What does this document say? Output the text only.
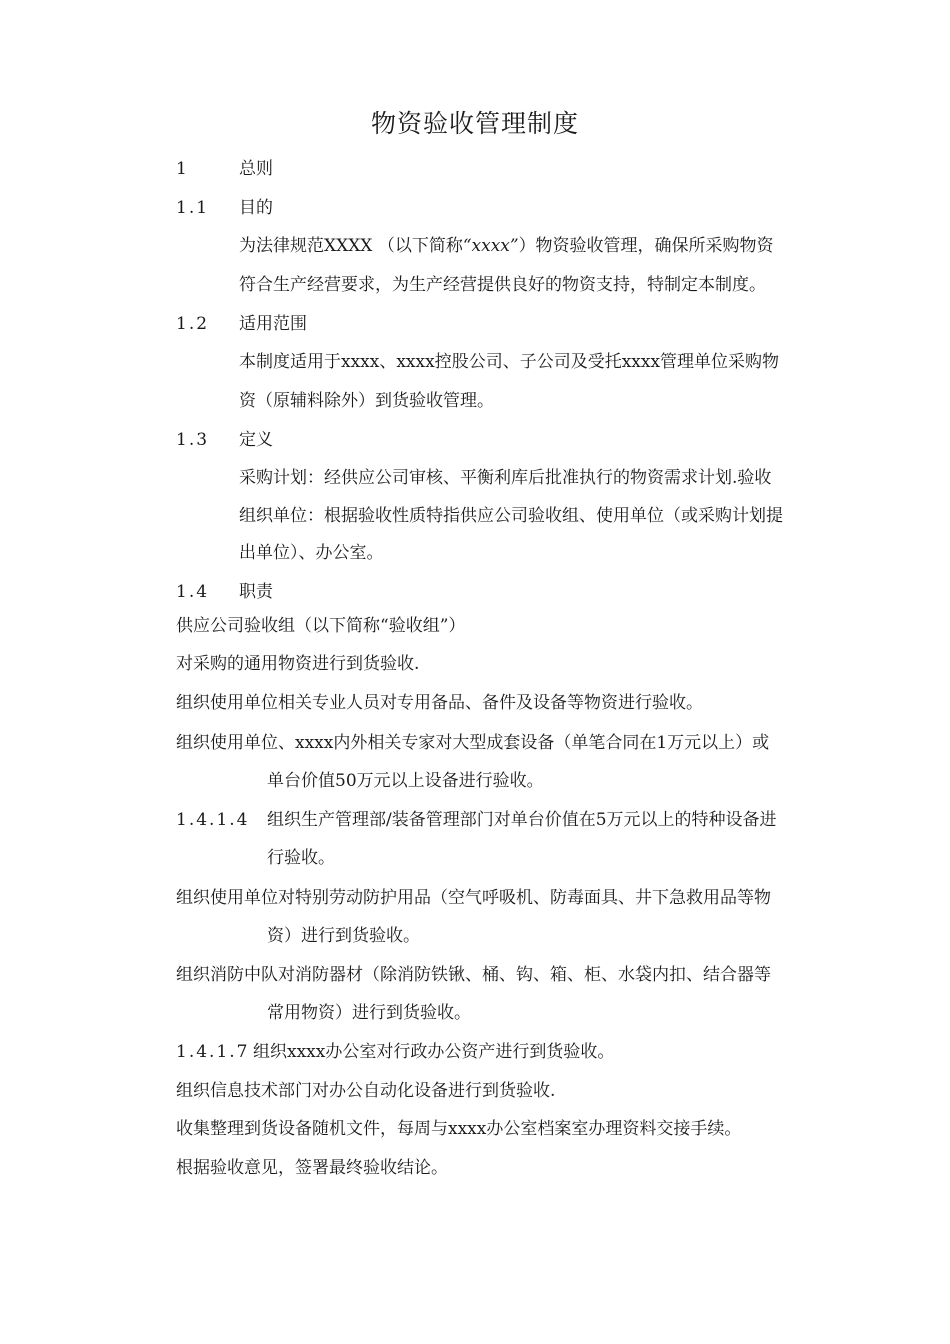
物资验收管理制度
1	总则
1.1 目的
为法律规范XXXX （以下简称“xxxx”）物资验收管理，确保所采购物资
符合生产经营要求，为生产经营提供良好的物资支持，特制定本制度。
1.2 适用范围
本制度适用于xxxx、xxxx控股公司、子公司及受托xxxx管理单位采购物
资（原辅料除外）到货验收管理。
1.3 定义
采购计划：经供应公司审核、平衡利库后批准执行的物资需求计划.验收
组织单位：根据验收性质特指供应公司验收组、使用单位（或采购计划提
出单位）、办公室。
1.4 职责
供应公司验收组（以下简称“验收组”）
对采购的通用物资进行到货验收.
组织使用单位相关专业人员对专用备品、备件及设备等物资进行验收。
组织使用单位、xxxx内外相关专家对大型成套设备（单笔合同在1万元以上）或
单台价值50万元以上设备进行验收。
1.4.1.4 组织生产管理部/装备管理部门对单台价值在5万元以上的特种设备进
行验收。
组织使用单位对特别劳动防护用品（空气呼吸机、防毒面具、井下急救用品等物
资）进行到货验收。
组织消防中队对消防器材（除消防铁锹、桶、钩、箱、柜、水袋内扣、结合器等
常用物资）进行到货验收。
1.4.1.7 组织xxxx办公室对行政办公资产进行到货验收。
组织信息技术部门对办公自动化设备进行到货验收.
收集整理到货设备随机文件，每周与xxxx办公室档案室办理资料交接手续。
根据验收意见，签署最终验收结论。
